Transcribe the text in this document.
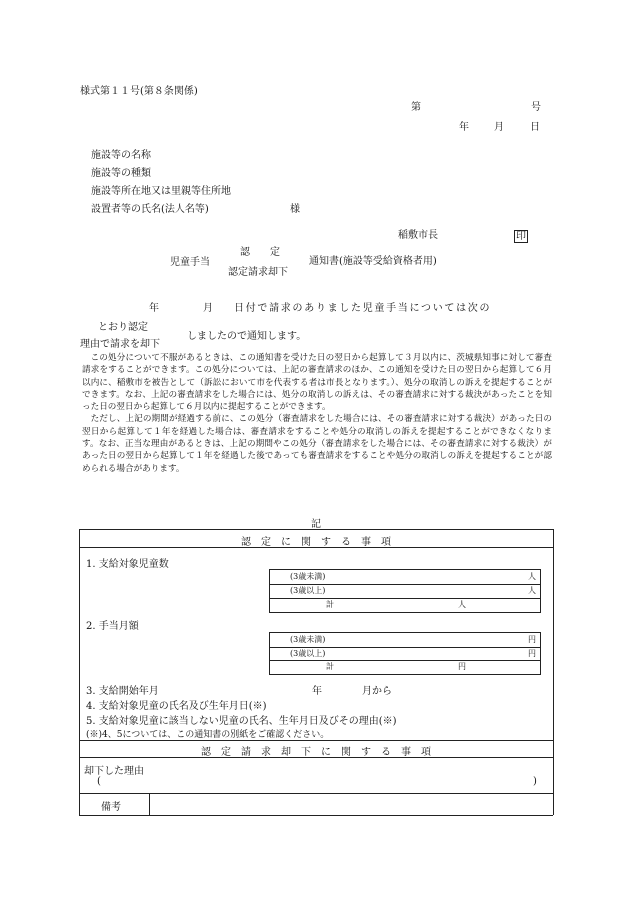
様式第１１号(第８条関係)
第	号
年	月	日
施設等の名称
施設等の種類
施設等所在地又は里親等住所地
設置者等の氏名(法人名等)	様
稲敷市長	印
児童手当
認　　定
認定請求却下
通知書(施設等受給資格者用)
年	月 日付で請求のありました児童手当については次の
とおり認定
理由で請求を却下
しましたので通知します。

この処分について不服があるときは、この通知書を受けた日の翌日から起算して３月以内に、茨城県知事に対して審査請求をすることができます。この処分については、上記の審査請求のほか、この通知を受けた日の翌日から起算して６月以内に、稲敷市を被告として（訴訟において市を代表する者は市長となります。）、処分の取消しの訴えを提起することができます。なお、上記の審査請求をした場合には、処分の取消しの訴えは、その審査請求に対する裁決があったことを知った日の翌日から起算して６月以内に提起することができます。

ただし、上記の期間が経過する前に、この処分（審査請求をした場合には、その審査請求に対する裁決）があった日の翌日から起算して１年を経過した場合は、審査請求をすることや処分の取消しの訴えを提起することができなくなります。なお、正当な理由があるときは、上記の期間やこの処分（審査請求をした場合には、その審査請求に対する裁決）があった日の翌日から起算して１年を経過した後であっても審査請求をすることや処分の取消しの訴えを提起することが認められる場合があります。

記
認　定　に　関　す　る　事　項
1. 支給対象児童数
(3歳未満)	人
(3歳以上)	人
計	人
2. 手当月額
(3歳未満)	円
(3歳以上)	円
計	円
3. 支給開始年月	年	月から
4. 支給対象児童の氏名及び生年月日(※)
5. 支給対象児童に該当しない児童の氏名、生年月日及びその理由(※)
(※)4、5については、この通知書の別紙をご確認ください。
認　定　請　求　却　下　に　関　す　る　事　項
却下した理由
(	)
備考
